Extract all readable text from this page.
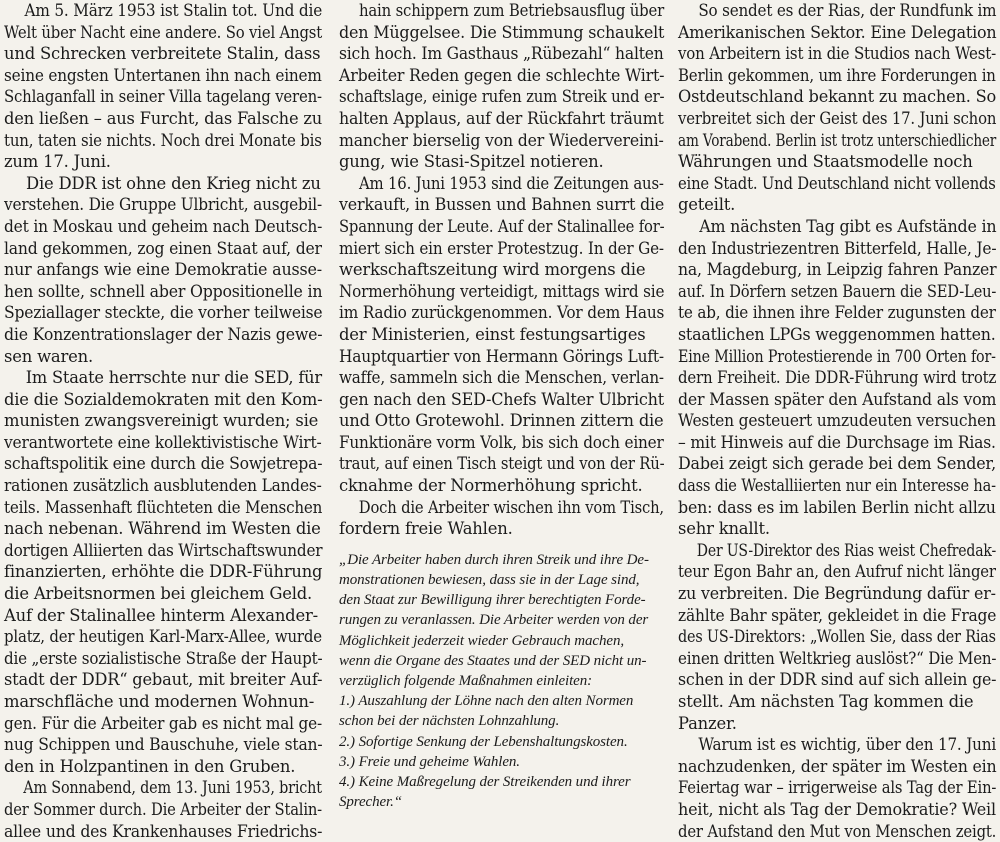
Am 5. März 1953 ist Stalin tot. Und die
Welt über Nacht eine andere. So viel Angst
und Schrecken verbreitete Stalin, dass
seine engsten Untertanen ihn nach einem
Schlaganfall in seiner Villa tagelang veren-
den ließen – aus Furcht, das Falsche zu
tun, taten sie nichts. Noch drei Monate bis
zum 17. Juni.
Die DDR ist ohne den Krieg nicht zu
verstehen. Die Gruppe Ulbricht, ausgebil-
det in Moskau und geheim nach Deutsch-
land gekommen, zog einen Staat auf, der
nur anfangs wie eine Demokratie ausse-
hen sollte, schnell aber Oppositionelle in
Speziallager steckte, die vorher teilweise
die Konzentrationslager der Nazis gewe-
sen waren.
Im Staate herrschte nur die SED, für
die die Sozialdemokraten mit den Kom-
munisten zwangsvereinigt wurden; sie
verantwortete eine kollektivistische Wirt-
schaftspolitik eine durch die Sowjetrepa-
rationen zusätzlich ausblutenden Landes-
teils. Massenhaft flüchteten die Menschen
nach nebenan. Während im Westen die
dortigen Alliierten das Wirtschaftswunder
finanzierten, erhöhte die DDR-Führung
die Arbeitsnormen bei gleichem Geld.
Auf der Stalinallee hinterm Alexander-
platz, der heutigen Karl-Marx-Allee, wurde
die „erste sozialistische Straße der Haupt-
stadt der DDR“ gebaut, mit breiter Auf-
marschfläche und modernen Wohnun-
gen. Für die Arbeiter gab es nicht mal ge-
nug Schippen und Bauschuhe, viele stan-
den in Holzpantinen in den Gruben.
Am Sonnabend, dem 13. Juni 1953, bricht
der Sommer durch. Die Arbeiter der Stalin-
allee und des Krankenhauses Friedrichs-
hain schippern zum Betriebsausflug über
den Müggelsee. Die Stimmung schaukelt
sich hoch. Im Gasthaus „Rübezahl“ halten
Arbeiter Reden gegen die schlechte Wirt-
schaftslage, einige rufen zum Streik und er-
halten Applaus, auf der Rückfahrt träumt
mancher bierselig von der Wiedervereini-
gung, wie Stasi-Spitzel notieren.
Am 16. Juni 1953 sind die Zeitungen aus-
verkauft, in Bussen und Bahnen surrt die
Spannung der Leute. Auf der Stalinallee for-
miert sich ein erster Protestzug. In der Ge-
werkschaftszeitung wird morgens die
Normerhöhung verteidigt, mittags wird sie
im Radio zurückgenommen. Vor dem Haus
der Ministerien, einst festungsartiges
Hauptquartier von Hermann Görings Luft-
waffe, sammeln sich die Menschen, verlan-
gen nach den SED-Chefs Walter Ulbricht
und Otto Grotewohl. Drinnen zittern die
Funktionäre vorm Volk, bis sich doch einer
traut, auf einen Tisch steigt und von der Rü-
cknahme der Normerhöhung spricht.
Doch die Arbeiter wischen ihn vom Tisch,
fordern freie Wahlen.
„Die Arbeiter haben durch ihren Streik und ihre De-
monstrationen bewiesen, dass sie in der Lage sind,
den Staat zur Bewilligung ihrer berechtigten Forde-
rungen zu veranlassen. Die Arbeiter werden von der
Möglichkeit jederzeit wieder Gebrauch machen,
wenn die Organe des Staates und der SED nicht un-
verzüglich folgende Maßnahmen einleiten:
1.) Auszahlung der Löhne nach den alten Normen
schon bei der nächsten Lohnzahlung.
2.) Sofortige Senkung der Lebenshaltungskosten.
3.) Freie und geheime Wahlen.
4.) Keine Maßregelung der Streikenden und ihrer
Sprecher.“
So sendet es der Rias, der Rundfunk im
Amerikanischen Sektor. Eine Delegation
von Arbeitern ist in die Studios nach West-
Berlin gekommen, um ihre Forderungen in
Ostdeutschland bekannt zu machen. So
verbreitet sich der Geist des 17. Juni schon
am Vorabend. Berlin ist trotz unterschiedlicher
Währungen und Staatsmodelle noch
eine Stadt. Und Deutschland nicht vollends
geteilt.
Am nächsten Tag gibt es Aufstände in
den Industriezentren Bitterfeld, Halle, Je-
na, Magdeburg, in Leipzig fahren Panzer
auf. In Dörfern setzen Bauern die SED-Leu-
te ab, die ihnen ihre Felder zugunsten der
staatlichen LPGs weggenommen hatten.
Eine Million Protestierende in 700 Orten for-
dern Freiheit. Die DDR-Führung wird trotz
der Massen später den Aufstand als vom
Westen gesteuert umzudeuten versuchen
– mit Hinweis auf die Durchsage im Rias.
Dabei zeigt sich gerade bei dem Sender,
dass die Westalliierten nur ein Interesse ha-
ben: dass es im labilen Berlin nicht allzu
sehr knallt.
Der US-Direktor des Rias weist Chefredak-
teur Egon Bahr an, den Aufruf nicht länger
zu verbreiten. Die Begründung dafür er-
zählte Bahr später, gekleidet in die Frage
des US-Direktors: „Wollen Sie, dass der Rias
einen dritten Weltkrieg auslöst?“ Die Men-
schen in der DDR sind auf sich allein ge-
stellt. Am nächsten Tag kommen die
Panzer.
Warum ist es wichtig, über den 17. Juni
nachzudenken, der später im Westen ein
Feiertag war – irrigerweise als Tag der Ein-
heit, nicht als Tag der Demokratie? Weil
der Aufstand den Mut von Menschen zeigt.
